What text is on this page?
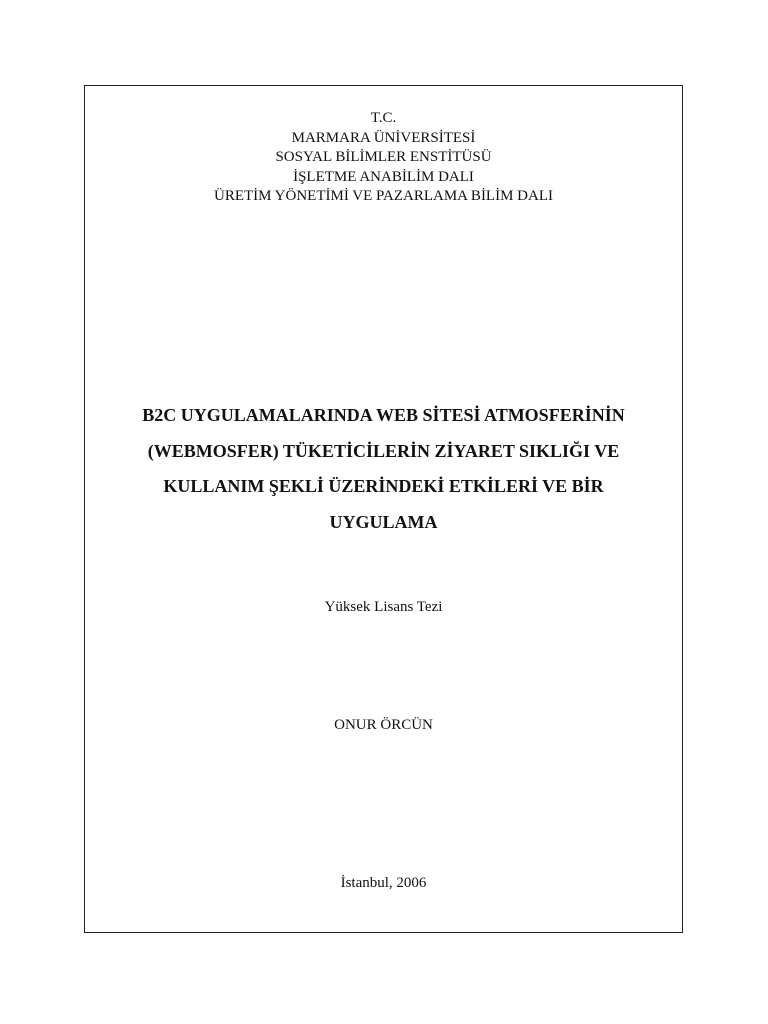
T.C.
MARMARA ÜNİVERSİTESİ
SOSYAL BİLİMLER ENSTİTÜSÜ
İŞLETME ANABİLİM DALI
ÜRETİM YÖNETİMİ VE PAZARLAMA BİLİM DALI
B2C UYGULAMALARINDA WEB SİTESİ ATMOSFERİNİN
(WEBMOSFER) TÜKETİCİLERİN ZİYARET SIKLIĞI VE
KULLANIM ŞEKLİ ÜZERİNDEKİ ETKİLERİ VE BİR
UYGULAMA
Yüksek Lisans Tezi
ONUR ÖRCÜN
İstanbul, 2006
